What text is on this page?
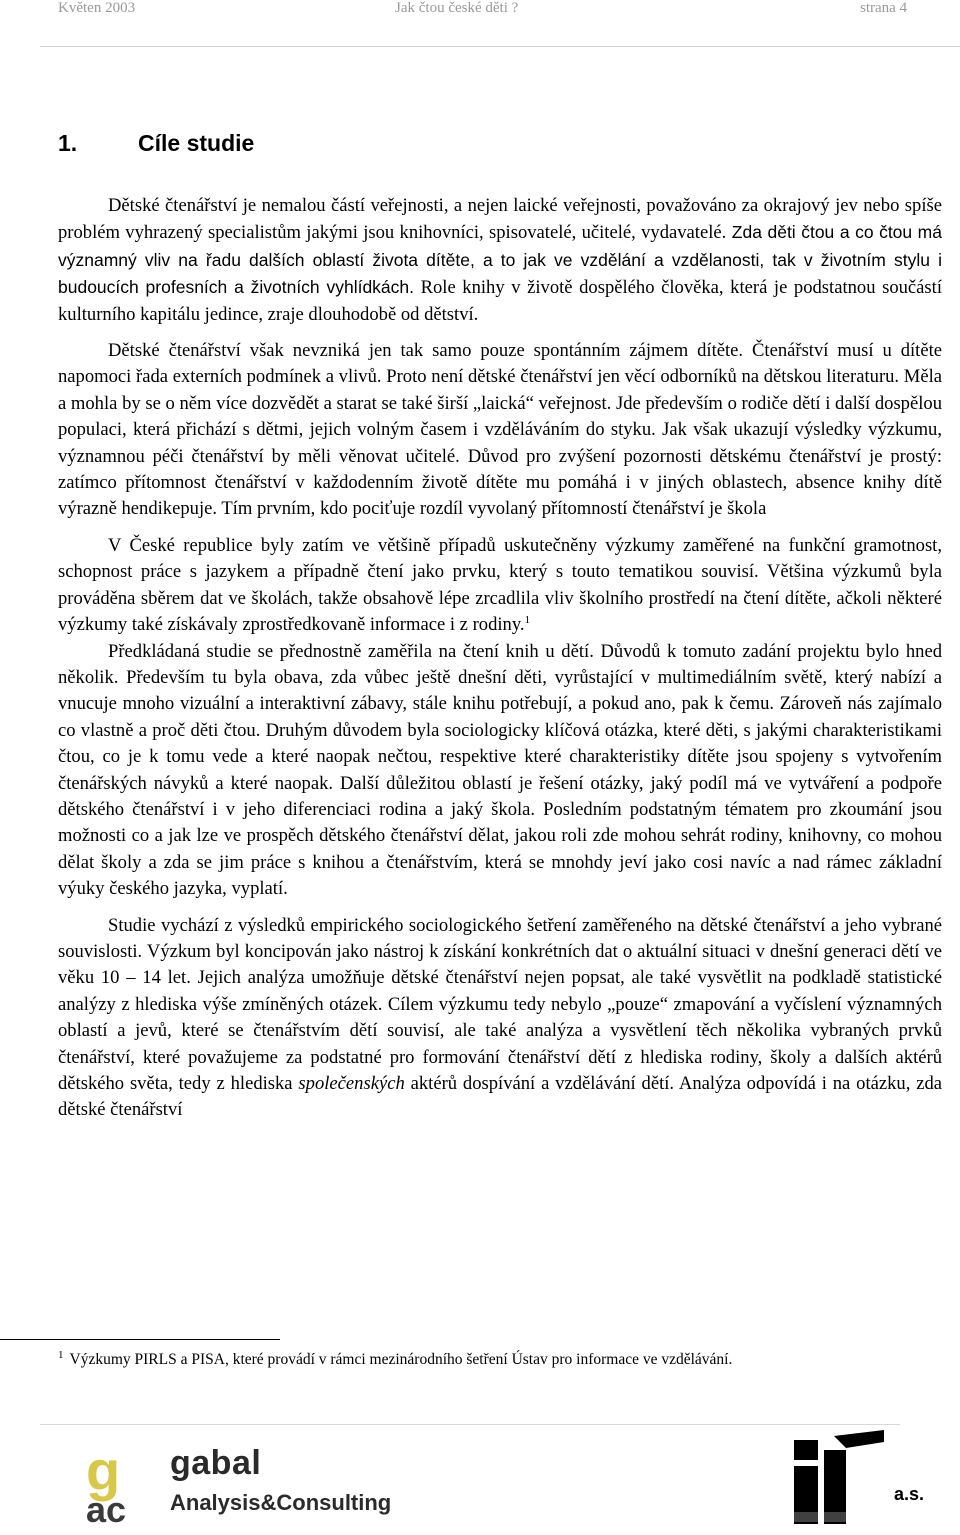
Květen 2003	Jak čtou české děti ?	strana 4
1.	Cíle studie

Dětské čtenářství je nemalou částí veřejnosti, a nejen laické veřejnosti, považováno za okrajový jev nebo spíše problém vyhrazený specialistům jakými jsou knihovníci, spisovatelé, učitelé, vydavatelé. Zda děti čtou a co čtou má významný vliv na řadu dalších oblastí života dítěte, a to jak ve vzdělání a vzdělanosti, tak v životním stylu i budoucích profesních a životních vyhlídkách. Role knihy v životě dospělého člověka, která je podstatnou součástí kulturního kapitálu jedince, zraje dlouhodobě od dětství.

Dětské čtenářství však nevzniká jen tak samo pouze spontánním zájmem dítěte. Čtenářství musí u dítěte napomoci řada externích podmínek a vlivů. Proto není dětské čtenářství jen věcí odborníků na dětskou literaturu. Měla a mohla by se o něm více dozvědět a starat se také širší „laická“ veřejnost. Jde především o rodiče dětí i další dospělou populaci, která přichází s dětmi, jejich volným časem i vzděláváním do styku. Jak však ukazují výsledky výzkumu, významnou péči čtenářství by měli věnovat učitelé. Důvod pro zvýšení pozornosti dětskému čtenářství je prostý: zatímco přítomnost čtenářství v každodenním životě dítěte mu pomáhá i v jiných oblastech, absence knihy dítě výrazně hendikepuje. Tím prvním, kdo pociťuje rozdíl vyvolaný přítomností čtenářství je škola

V České republice byly zatím ve většině případů uskutečněny výzkumy zaměřené na funkční gramotnost, schopnost práce s jazykem a případně čtení jako prvku, který s touto tematikou souvisí. Většina výzkumů byla prováděna sběrem dat ve školách, takže obsahově lépe zrcadlila vliv školního prostředí na čtení dítěte, ačkoli některé výzkumy také získávaly zprostředkovaně informace i z rodiny.$^1$

Předkládaná studie se přednostně zaměřila na čtení knih u dětí. Důvodů k tomuto zadání projektu bylo hned několik. Především tu byla obava, zda vůbec ještě dnešní děti, vyrůstající v multimediálním světě, který nabízí a vnucuje mnoho vizuální a interaktivní zábavy, stále knihu potřebují, a pokud ano, pak k čemu. Zároveň nás zajímalo co vlastně a proč děti čtou. Druhým důvodem byla sociologicky klíčová otázka, které děti, s jakými charakteristikami čtou, co je k tomu vede a které naopak nečtou, respektive které charakteristiky dítěte jsou spojeny s vytvořením čtenářských návyků a které naopak. Další důležitou oblastí je řešení otázky, jaký podíl má ve vytváření a podpoře dětského čtenářství i v jeho diferenciaci rodina a jaký škola. Posledním podstatným tématem pro zkoumání jsou možnosti co a jak lze ve prospěch dětského čtenářství dělat, jakou roli zde mohou sehrát rodiny, knihovny, co mohou dělat školy a zda se jim práce s knihou a čtenářstvím, která se mnohdy jeví jako cosi navíc a nad rámec základní výuky českého jazyka, vyplatí.

Studie vychází z výsledků empirického sociologického šetření zaměřeného na dětské čtenářství a jeho vybrané souvislosti. Výzkum byl koncipován jako nástroj k získání konkrétních dat o aktuální situaci v dnešní generaci dětí ve věku 10 – 14 let. Jejich analýza umožňuje dětské čtenářství nejen popsat, ale také vysvětlit na podkladě statistické analýzy z hlediska výše zmíněných otázek. Cílem výzkumu tedy nebylo „pouze“ zmapování a vyčíslení významných oblastí a jevů, které se čtenářstvím dětí souvisí, ale také analýza a vysvětlení těch několika vybraných prvků čtenářství, které považujeme za podstatné pro formování čtenářství dětí z hlediska rodiny, školy a dalších aktérů dětského světa, tedy z hlediska společenských aktérů dospívání a vzdělávání dětí. Analýza odpovídá i na otázku, zda dětské čtenářství

$^1$ Výzkumy PIRLS a PISA, které provádí v rámci mezinárodního šetření Ústav pro informace ve vzdělávání.
g
ac
gabal
Analysis&Consulting	a.s.
